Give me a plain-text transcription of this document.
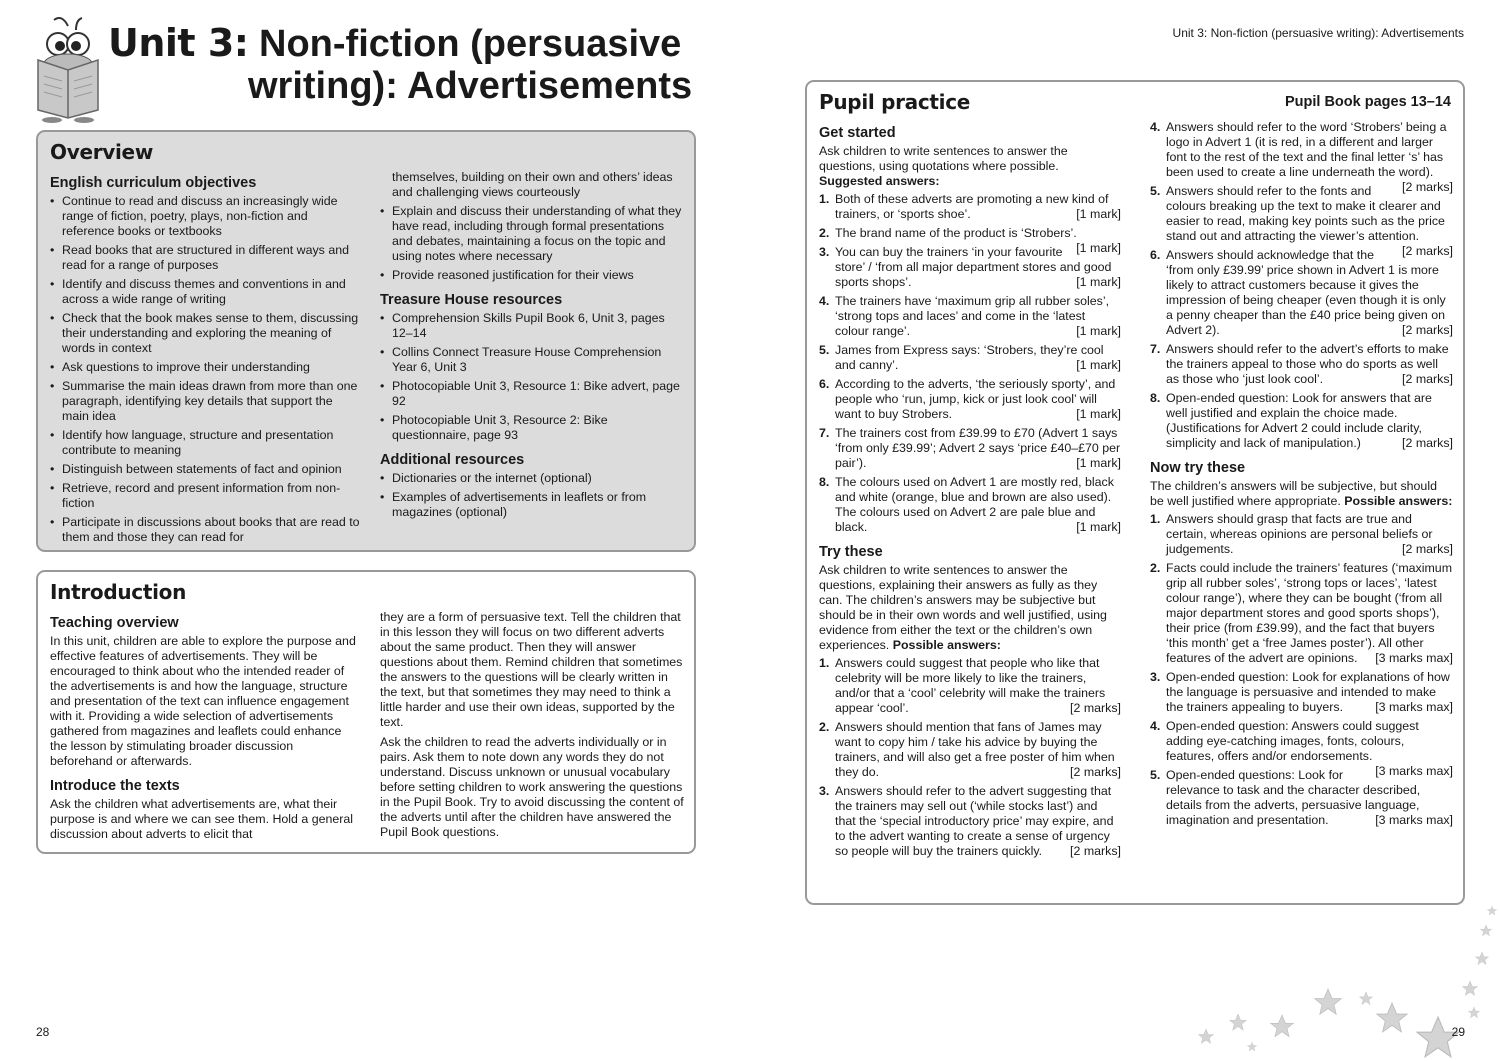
Unit 3: Non-fiction (persuasive
writing): Advertisements
Overview
English curriculum objectives
• Continue to read and discuss an increasingly wide range of fiction, poetry, plays, non-fiction and reference books or textbooks
• Read books that are structured in different ways and read for a range of purposes
• Identify and discuss themes and conventions in and across a wide range of writing
• Check that the book makes sense to them, discussing their understanding and exploring the meaning of words in context
• Ask questions to improve their understanding
• Summarise the main ideas drawn from more than one paragraph, identifying key details that support the main idea
• Identify how language, structure and presentation contribute to meaning
• Distinguish between statements of fact and opinion
• Retrieve, record and present information from non-fiction
• Participate in discussions about books that are read to them and those they can read for

themselves, building on their own and others’ ideas and challenging views courteously

• Explain and discuss their understanding of what they have read, including through formal presentations and debates, maintaining a focus on the topic and using notes where necessary
• Provide reasoned justification for their views
Treasure House resources
• Comprehension Skills Pupil Book 6, Unit 3, pages 12–14
• Collins Connect Treasure House Comprehension Year 6, Unit 3
• Photocopiable Unit 3, Resource 1: Bike advert, page 92
• Photocopiable Unit 3, Resource 2: Bike questionnaire, page 93
Additional resources
• Dictionaries or the internet (optional)
• Examples of advertisements in leaflets or from magazines (optional)
Introduction
Teaching overview

In this unit, children are able to explore the purpose and effective features of advertisements. They will be encouraged to think about who the intended reader of the advertisements is and how the language, structure and presentation of the text can influence engagement with it. Providing a wide selection of advertisements gathered from magazines and leaflets could enhance the lesson by stimulating broader discussion beforehand or afterwards.

Introduce the texts

Ask the children what advertisements are, what their purpose is and where we can see them. Hold a general discussion about adverts to elicit that

they are a form of persuasive text. Tell the children that in this lesson they will focus on two different adverts about the same product. Then they will answer questions about them. Remind children that sometimes the answers to the questions will be clearly written in the text, but that sometimes they may need to think a little harder and use their own ideas, supported by the text.

Ask the children to read the adverts individually or in pairs. Ask them to note down any words they do not understand. Discuss unknown or unusual vocabulary before setting children to work answering the questions in the Pupil Book. Try to avoid discussing the content of the adverts until after the children have answered the Pupil Book questions.

28
Unit 3: Non-fiction (persuasive writing): Advertisements
Pupil practice	Pupil Book pages 13–14
Get started

Ask children to write sentences to answer the questions, using quotations where possible.

Suggested answers:

1. Both of these adverts are promoting a new kind of trainers, or ‘sports shoe’.	[1 mark]
2. The brand name of the product is ‘Strobers’.
[1 mark]
3. You can buy the trainers ‘in your favourite store’ / ‘from all major department stores and good sports shops’.	[1 mark]
4. The trainers have ‘maximum grip all rubber soles’, ‘strong tops and laces’ and come in the ‘latest colour range’.	[1 mark]
5. James from Express says: ‘Strobers, they’re cool and canny’.	[1 mark]
6. According to the adverts, ‘the seriously sporty’, and people who ‘run, jump, kick or just look cool’ will want to buy Strobers.	[1 mark]
7. The trainers cost from £39.99 to £70 (Advert 1 says ‘from only £39.99’; Advert 2 says ‘price £40–£70 per pair’).	[1 mark]
8. The colours used on Advert 1 are mostly red, black and white (orange, blue and brown are also used). The colours used on Advert 2 are pale blue and black.	[1 mark]
Try these

Ask children to write sentences to answer the questions, explaining their answers as fully as they can. The children’s answers may be subjective but should be in their own words and well justified, using evidence from either the text or the children’s own experiences. Possible answers:

1. Answers could suggest that people who like that celebrity will be more likely to like the trainers, and/or that a ‘cool’ celebrity will make the trainers appear ‘cool’.	[2 marks]
2. Answers should mention that fans of James may want to copy him / take his advice by buying the trainers, and will also get a free poster of him when they do.	[2 marks]
3. Answers should refer to the advert suggesting that the trainers may sell out (‘while stocks last’) and that the ‘special introductory price’ may expire, and to the advert wanting to create a sense of urgency so people will buy the trainers quickly.	[2 marks]
4. Answers should refer to the word ‘Strobers’ being a logo in Advert 1 (it is red, in a different and larger font to the rest of the text and the final letter ‘s’ has been used to create a line underneath the word).
[2 marks]
5. Answers should refer to the fonts and colours breaking up the text to make it clearer and easier to read, making key points such as the price stand out and attracting the viewer’s attention.
[2 marks]
6. Answers should acknowledge that the ‘from only £39.99’ price shown in Advert 1 is more likely to attract customers because it gives the impression of being cheaper (even though it is only a penny cheaper than the £40 price being given on Advert 2).	[2 marks]
7. Answers should refer to the advert’s efforts to make the trainers appeal to those who do sports as well as those who ‘just look cool’.	[2 marks]
8. Open-ended question: Look for answers that are well justified and explain the choice made. (Justifications for Advert 2 could include clarity, simplicity and lack of manipulation.)	[2 marks]
Now try these

The children’s answers will be subjective, but should be well justified where appropriate. Possible answers:

1. Answers should grasp that facts are true and certain, whereas opinions are personal beliefs or judgements.	[2 marks]
2. Facts could include the trainers’ features (‘maximum grip all rubber soles’, ‘strong tops or laces’, ‘latest colour range’), where they can be bought (‘from all major department stores and good sports shops’), their price (from £39.99), and the fact that buyers ‘this month’ get a ‘free James poster’). All other features of the advert are opinions.	[3 marks max]
3. Open-ended question: Look for explanations of how the language is persuasive and intended to make the trainers appealing to buyers.	[3 marks max]
4. Open-ended question: Answers could suggest adding eye-catching images, fonts, colours, features, offers and/or endorsements.
[3 marks max]
5. Open-ended questions: Look for relevance to task and the character described, details from the adverts, persuasive language, imagination and presentation.	[3 marks max]
29
